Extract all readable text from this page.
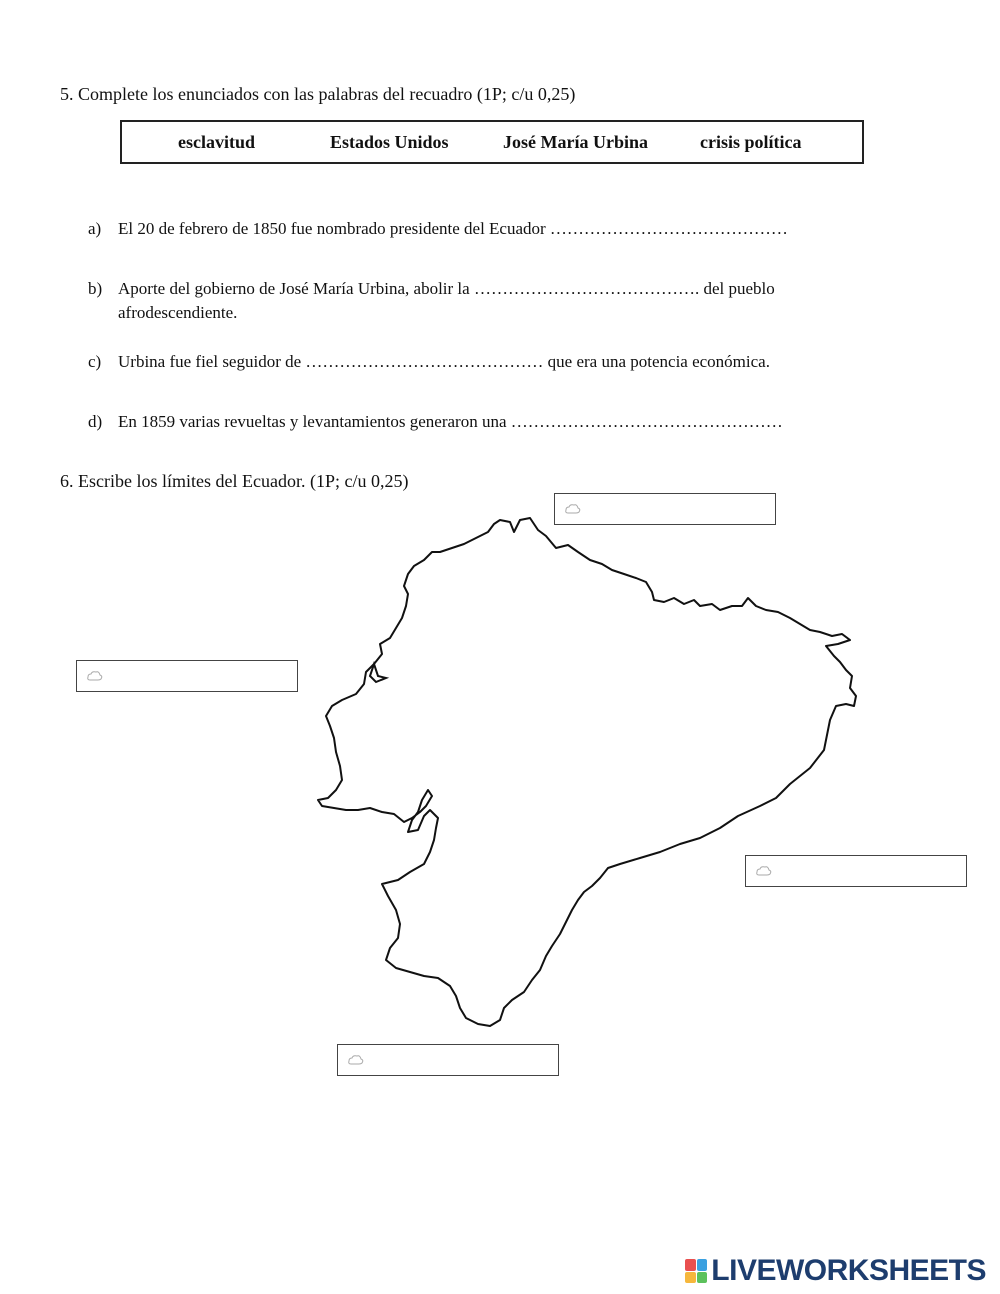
5. Complete los enunciados con las palabras del recuadro (1P; c/u 0,25)
esclavitud	Estados Unidos	José María Urbina	crisis política
a) El 20 de febrero de 1850 fue nombrado presidente del Ecuador ……………………………………
b) Aporte del gobierno de José María Urbina, abolir la …………………………………. del pueblo
afrodescendiente.
c) Urbina fue fiel seguidor de …………………………………… que era una potencia económica.
d) En 1859 varias revueltas y levantamientos generaron una …………………………………………
6. Escribe los límites del Ecuador. (1P; c/u 0,25)
LIVEWORKSHEETS
